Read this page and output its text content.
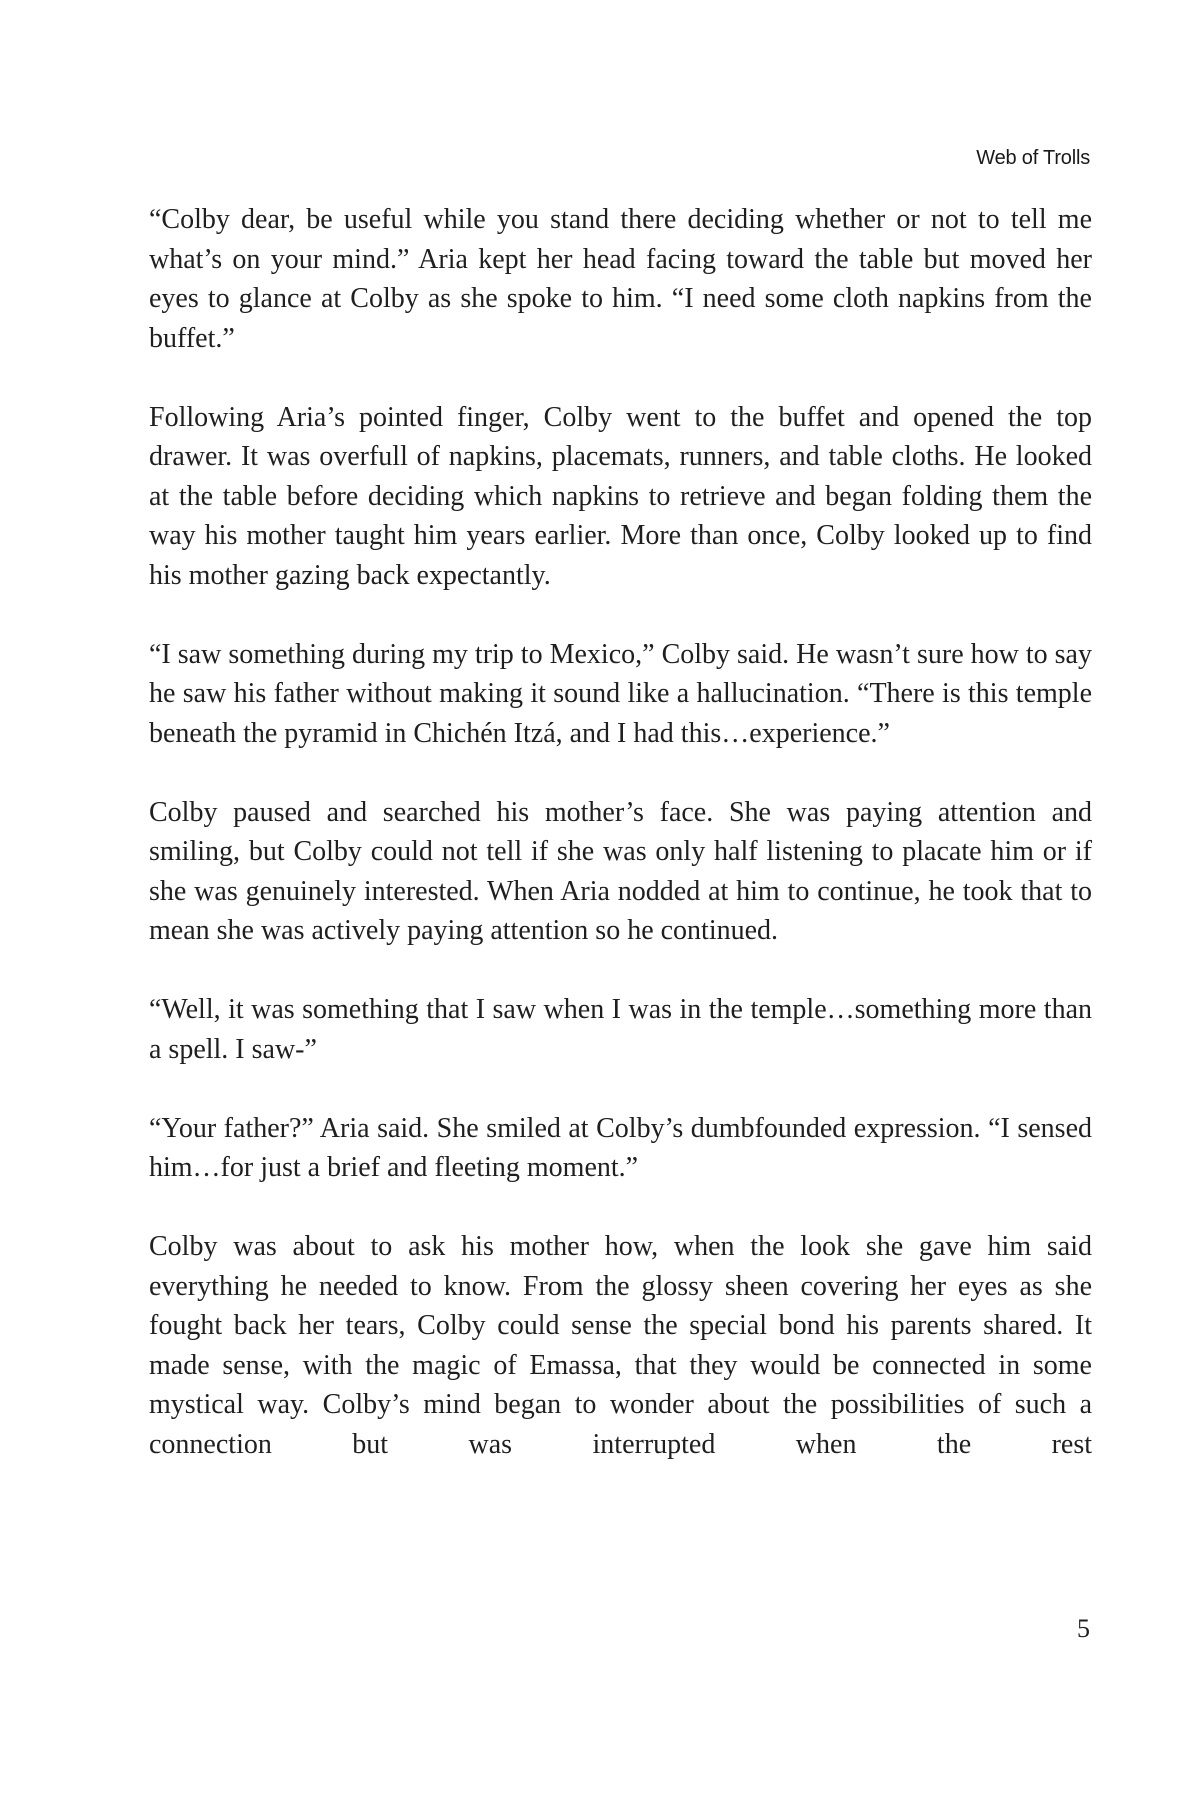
Web of Trolls

“Colby dear, be useful while you stand there deciding whether or not to tell me what’s on your mind.” Aria kept her head facing toward the table but moved her eyes to glance at Colby as she spoke to him. “I need some cloth napkins from the buffet.”

Following Aria’s pointed finger, Colby went to the buffet and opened the top drawer. It was overfull of napkins, placemats, runners, and table cloths. He looked at the table before deciding which napkins to retrieve and began folding them the way his mother taught him years earlier. More than once, Colby looked up to find his mother gazing back expectantly.

“I saw something during my trip to Mexico,” Colby said. He wasn’t sure how to say he saw his father without making it sound like a hallucination. “There is this temple beneath the pyramid in Chichén Itzá, and I had this…experience.”

Colby paused and searched his mother’s face. She was paying attention and smiling, but Colby could not tell if she was only half listening to placate him or if she was genuinely interested. When Aria nodded at him to continue, he took that to mean she was actively paying attention so he continued.

“Well, it was something that I saw when I was in the temple…something more than a spell. I saw-”

“Your father?” Aria said. She smiled at Colby’s dumbfounded expression. “I sensed him…for just a brief and fleeting moment.”

Colby was about to ask his mother how, when the look she gave him said everything he needed to know. From the glossy sheen covering her eyes as she fought back her tears, Colby could sense the special bond his parents shared. It made sense, with the magic of Emassa, that they would be connected in some mystical way. Colby’s mind began to wonder about the possibilities of such a connection but was interrupted when the rest

5
